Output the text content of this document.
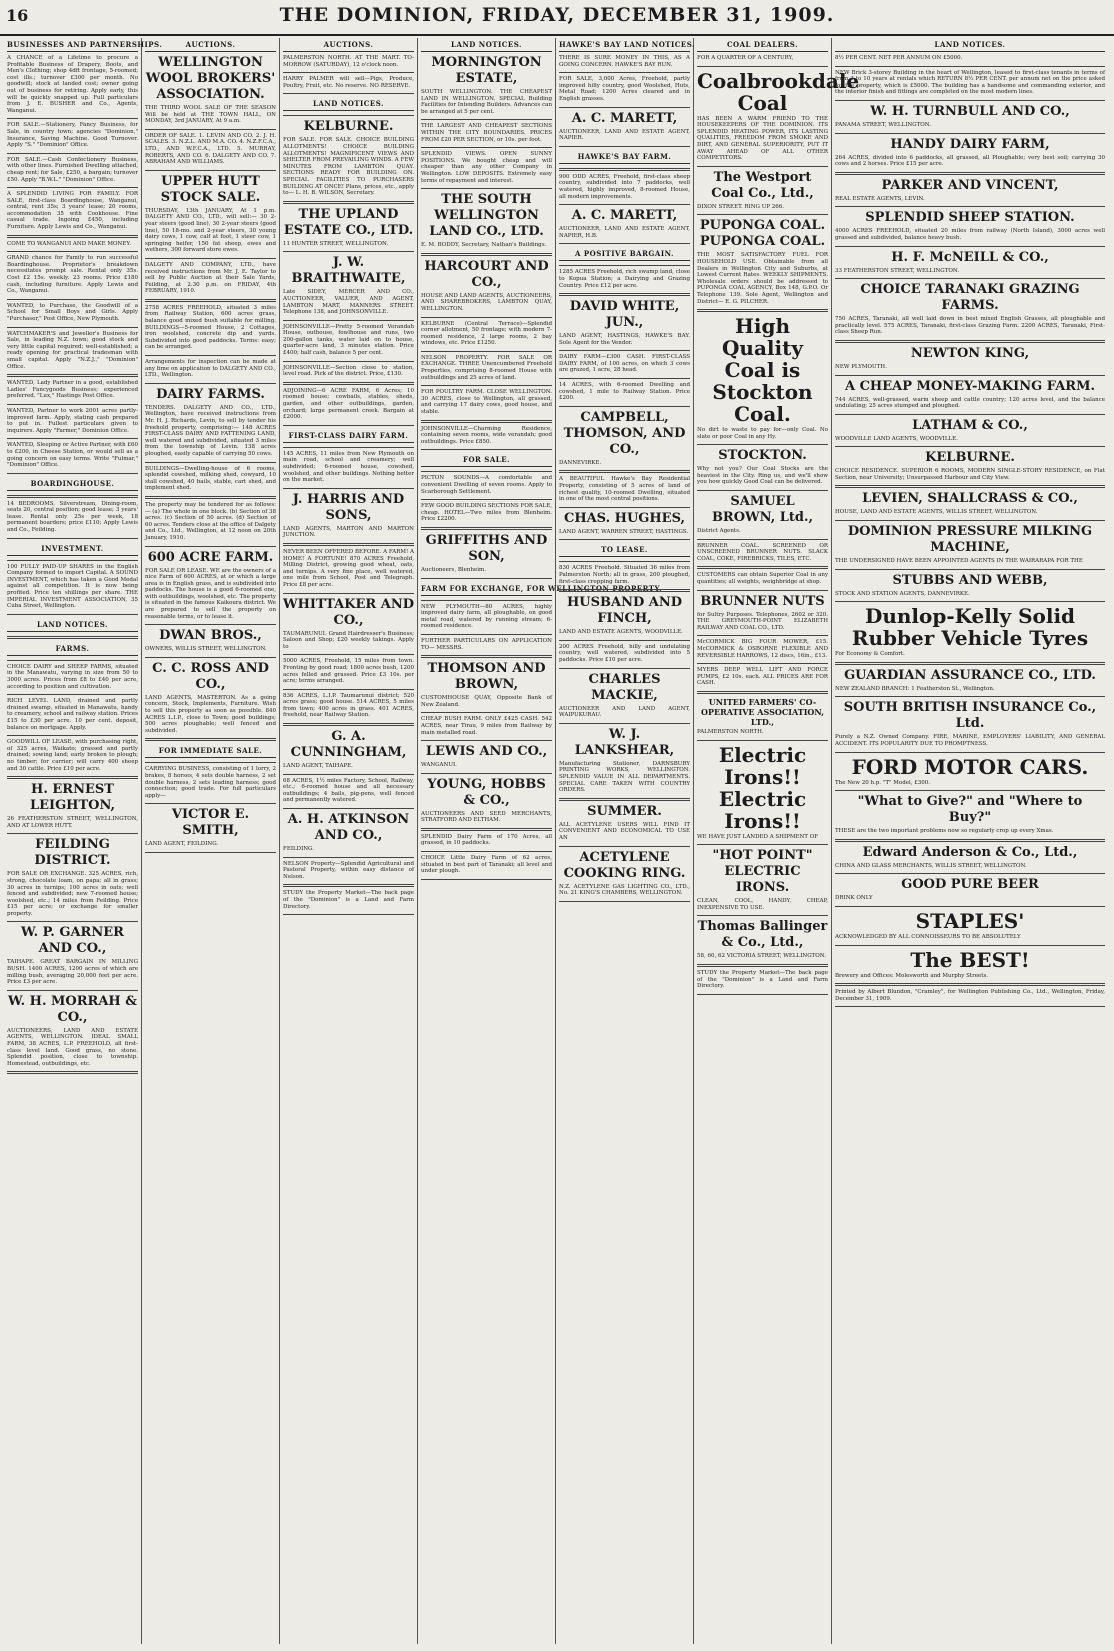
16	THE DOMINION, FRIDAY, DECEMBER 31, 1909.
BUSINESSES AND PARTNERSHIPS.
A CHANCE of a Lifetime to procure a Profitable Business of Drapery, Boots, and Men's Clothing; shop 4dft frontage, 5-roomed; cost ills.; turnover £300 per month. No goodwill; stock at landed cost; owner going out of business for retiring. Apply early, this will be quickly snapped up. Full particulars from J. E. BUSHER and Co., Agents, Wanganui.
FOR SALE.—Stationery, Fancy Business, for Sale, in country town; agencies "Dominion," Insurance, Saving Machine. Good Turnover. Apply "S." "Dominion" Office.
FOR SALE.—Cash Confectionery Business, with other lines. Furnished Dwelling attached, cheap rent; for Sale, £250, a bargain; turnover £50. Apply "B.W.L." "Dominion" Office.
A SPLENDID LIVING FOR FAMILY. FOR SALE, first-class Boardinghouse, Wanganui, central, rent 35s; 3 years' lease; 20 rooms, accommodation 35 with Cookhouse. Fine casual trade. Ingoing £450, including Furniture. Apply Lewis and Co., Wanganui.
COME TO WANGANUI AND MAKE MONEY.
GRAND chance for Family to run successful Boardinghouse. Proprietor's breakdown necessitates prompt sale. Rental only 35s. Cost £2 15s. weekly. 23 rooms. Price £180 cash, including furniture. Apply Lewis and Co., Wanganui.
WANTED, to Purchase, the Goodwill of a School for Small Boys and Girls. Apply "Purchaser," Post Office, New Plymouth.
WATCHMAKER'S and Jeweller's Business for Sale, in leading N.Z. town; good stock and very little capital required; well-established; a ready opening for practical tradesman with small capital. Apply "N.Z.J.," "Dominion" Office.
WANTED, Lady Partner in a good, established Ladies' Fancygoods Business; experienced preferred. "Lux," Hastings Post Office.
WANTED, Partner to work 2001 acres partly-improved farm. Apply, stating cash prepared to put in. Fullest particulars given to inquirers. Apply "Farmer," Dominion Office.
WANTED, Sleeping or Active Partner, with £60 to £200, in Cheese Station, or would sell as a going concern on easy terms. Write "Fulmar," "Dominion" Office.
BOARDINGHOUSE.
14 BEDROOMS, Silverstream, Dining-room, seats 20, central position; good lease; 3 years' lease. Rental only 25s per week, 18 permanent boarders; price £110; Apply Lewis and Co., Feilding.
INVESTMENT.
100 FULLY PAID-UP SHARES in the English Company formed to import Capital. A SOUND INVESTMENT, which has taken a Good Medal against all competition. It is now being profited. Price ten shillings per share. THE IMPERIAL INVESTMENT ASSOCIATION, 35 Cuba Street, Wellington.
LAND NOTICES.
FARMS.
CHOICE DAIRY and SHEEP FARMS, situated in the Manawatu, varying in size from 50 to 3000 acres. Prices from £8 to £40 per acre, according to position and cultivation.
RICH LEVEL LAND, drained and partly drained swamp, situated in Manawatu, handy to creamery, school and railway station. Prices £15 to £30 per acre. 10 per cent. deposit, balance on mortgage. Apply.
GOODWILL OF LEASE, with purchasing right, of 325 acres, Waikato; grassed and partly drained; sowing land; early broken to plough; no timber; for carrier; will carry 400 sheep and 30 cattle. Price £10 per acre.
H. ERNEST LEIGHTON,
26 FEATHERSTON STREET, WELLINGTON, AND AT LOWER HUTT.
FEILDING DISTRICT.
FOR SALE OR EXCHANGE. 325 ACRES, rich, strong, chocolate loam, on papa; all in grass; 30 acres in turnips; 100 acres in oats; well fenced and subdivided; new 7-roomed house; woolshed, etc.; 14 miles from Feilding. Price £15 per acre; or exchange for smaller property.
W. P. GARNER AND CO.,
TAIHAPE. GREAT BARGAIN IN MILLING BUSH. 1400 ACRES, 1200 acres of which are milling bush, averaging 20,000 feet per acre. Price £3 per acre.
W. H. MORRAH & CO.,
AUCTIONEERS, LAND AND ESTATE AGENTS, WELLINGTON. IDEAL SMALL FARM, 38 ACRES, L.P. FREEHOLD, all first-class level land. Good grass, no stone. Splendid position, close to township. Homestead, outbuildings, etc.
AUCTIONS.
WELLINGTON WOOL BROKERS' ASSOCIATION.
THE THIRD WOOL SALE OF THE SEASON Will be held at THE TOWN HALL, ON MONDAY, 3rd JANUARY, At 9 a.m.
ORDER OF SALE. 1. LEVIN AND CO. 2. J. H. SCALES. 3. N.Z.L. AND M.A. CO. 4. N.Z.F.C.A., LTD., AND W.F.C.A., LTD. 5. MURRAY, ROBERTS, AND CO. 6. DALGETY AND CO. 7. ABRAHAM AND WILLIAMS.
UPPER HUTT STOCK SALE.
THURSDAY, 13th JANUARY, At 1 p.m. DALGETY AND CO., LTD., will sell:— 30 2-year steers (good line), 30 2-year steers (good line), 50 18-mo. and 2-year steers, 30 young dairy cows, 1 cow, calf at foot, 1 steer cow, 1 springing heifer, 150 fat sheep, ewes and wethers, 300 forward store ewes.
DALGETY AND COMPANY, LTD., have received instructions from Mr. J. E. Taylor to sell by Public Auction at their Sale Yards, Feilding, at 2.30 p.m. on FRIDAY, 4th FEBRUARY, 1910.
2758 ACRES FREEHOLD, situated 3 miles from Railway Station, 600 acres grass, balance good mixed bush suitable for milling. BUILDINGS—5-roomed House, 2 Cottages, iron woolshed, concrete dip and yards. Subdivided into good paddocks. Terms: easy; can be arranged.
Arrangements for inspection can be made at any time on application to DALGETY AND CO., LTD., Wellington.
DAIRY FARMS.
TENDERS. DALGETY AND CO., LTD., Wellington, have received instructions from Mr. H. J. Richards, Levin, to sell by tender his freehold property, comprising:— 148 ACRES FIRST-CLASS DAIRY AND FATTENING LAND, well watered and subdivided, situated 3 miles from the township of Levin. 138 acres ploughed, easily capable of carrying 50 cows.
BUILDINGS—Dwelling-house of 6 rooms, splendid cowshed, milking shed, cowyard, 10 stall cowshed, 40 bails, stable, cart shed, and implement shed.
The property may be tendered for as follows:— (a) The whole in one block. (b) Section of 38 acres. (c) Section of 50 acres. (d) Section of 60 acres. Tenders close at the office of Dalgety and Co., Ltd., Wellington, at 12 noon on 20th January, 1910.
600 ACRE FARM.
FOR SALE OR LEASE. WE are the owners of a nice Farm of 600 ACRES, at or which a large area is in English grass, and is subdivided into paddocks. The house is a good 6-roomed one, with outbuildings, woolshed, etc. The property is situated in the famous Kaikoura district. We are prepared to sell the property on reasonable terms, or to lease it.
DWAN BROS.,
OWNERS, WILLIS STREET, WELLINGTON.
C. C. ROSS AND CO.,
LAND AGENTS, MASTERTON. As a going concern, Stock, Implements, Furniture. Wish to sell this property as soon as possible. 840 ACRES L.I.P., close to Town; good buildings; 500 acres ploughable; well fenced and subdivided.
FOR IMMEDIATE SALE.
CARRYING BUSINESS, consisting of 1 lorry, 2 brakes, 8 horses, 4 sets double harness, 2 set double harness, 2 sets leading harness; good connection; good trade. For full particulars apply—
VICTOR E. SMITH,
LAND AGENT, FEILDING.
AUCTIONS.
PALMERSTON NORTH. AT THE MART. TO-MORROW (SATURDAY), 12 o'clock noon.
HARRY PALMER will sell—Pigs, Produce, Poultry, Fruit, etc. No reserve. NO RESERVE.
LAND NOTICES.
KELBURNE.
FOR SALE. FOR SALE. CHOICE BUILDING ALLOTMENTS! CHOICE BUILDING ALLOTMENTS! MAGNIFICENT VIEWS AND SHELTER FROM PREVAILING WINDS. A FEW MINUTES FROM LAMBTON QUAY. SECTIONS READY FOR BUILDING ON. SPECIAL FACILITIES TO PURCHASERS BUILDING AT ONCE! Plans, prices, etc., apply to— L. H. B. WILSON, Secretary.
THE UPLAND ESTATE CO., LTD.
11 HUNTER STREET, WELLINGTON.
J. W. BRAITHWAITE,
Late SIDEY, MERCER AND CO., AUCTIONEER, VALUER, AND AGENT, LAMBTON MART, MANNERS STREET. Telephone 138, and JOHNSONVILLE.
JOHNSONVILLE—Pretty 5-roomed Verandah House, outhouse, fowlhouse and runs, two 200-gallon tanks, water laid on to house, quarter-acre land, 3 minutes station. Price £400; half cash, balance 5 per cent.
JOHNSONVILLE—Section close to station, level road. Pick of the district. Price, £130.
ADJOINING—6 ACRE FARM, 6 Acres; 10 roomed house; cowbails, stables, sheds, garden, and other outbuildings, garden, orchard; large permanent creek. Bargain at £2000.
FIRST-CLASS DAIRY FARM.
145 ACRES, 11 miles from New Plymouth on main road, school and creamery; well subdivided; 6-roomed house, cowshed, woolshed, and other buildings. Nothing better on the market.
J. HARRIS AND SONS,
LAND AGENTS, MARTON AND MARTON JUNCTION.
NEVER BEEN OFFERED BEFORE. A FARM! A HOME! A FORTUNE! 870 ACRES Freehold, Milling District, growing good wheat, oats, and turnips. A very fine place, well watered, one mile from School, Post and Telegraph. Price £8 per acre.
WHITTAKER AND CO.,
TAUMARUNUI. Grand Hairdresser's Business; Saloon and Shop; £20 weekly takings. Apply to
5000 ACRES, Freehold, 15 miles from town. Fronting by good road; 1800 acres bush, 1200 acres felled and grassed. Price £3 10s. per acre; terms arranged.
836 ACRES, L.I.P. Taumarunui district; 520 acres grass; good house. 514 ACRES, 5 miles from town; 400 acres in grass. 401 ACRES, freehold, near Railway Station.
G. A. CUNNINGHAM,
LAND AGENT, TAIHAPE.
68 ACRES, 1½ miles Factory, School, Railway, etc.; 6-roomed house and all necessary outbuildings; 4 bails, pig-pens, well fenced and permanently watered.
A. H. ATKINSON AND CO.,
FEILDING.
NELSON Property—Splendid Agricultural and Pastoral Property, within easy distance of Nelson.
STUDY the Property Market—The back page of the "Dominion" is a Land and Farm Directory.
LAND NOTICES.
MORNINGTON ESTATE,
SOUTH WELLINGTON. THE CHEAPEST LAND IN WELLINGTON. SPECIAL Building Facilities for Intending Builders. Advances can be arranged at 5 per cent.
THE LARGEST AND CHEAPEST SECTIONS WITHIN THE CITY BOUNDARIES. PRICES FROM £20 PER SECTION, or 10s. per foot.
SPLENDID VIEWS. OPEN SUNNY POSITIONS. We bought cheap and will cheaper than any other Company in Wellington. LOW DEPOSITS. Extremely easy terms of repayment and interest.
THE SOUTH WELLINGTON LAND CO., LTD.
E. M. BODDY, Secretary, Nathan's Buildings.
HARCOURT AND CO.,
HOUSE AND LAND AGENTS, AUCTIONEERS, AND SHAREBROKERS, LAMBTON QUAY, WELLINGTON.
KELBURNE (Central Terrace)—Splendid corner allotment, 50 frontage; with modern 7-roomed residence, 2 large rooms, 2 bay windows, etc. Price £1250.
NELSON PROPERTY. FOR SALE OR EXCHANGE. THREE Unencumbered Freehold Properties, comprising 8-roomed House with outbuildings and 25 acres of land.
FOR POULTRY FARM. CLOSE WELLINGTON. 30 ACRES, close to Wellington, all grassed, and carrying 17 dairy cows, good house, and stable.
JOHNSONVILLE—Charming Residence, containing seven rooms, wide verandah; good outbuildings. Price £850.
FOR SALE.
PICTON SOUNDS—A comfortable and convenient Dwelling of seven rooms. Apply to Scarborough Settlement.
FEW GOOD BUILDING SECTIONS FOR SALE, cheap. HOTEL—Two miles from Blenheim. Price £2200.
GRIFFITHS AND SON,
Auctioneers, Blenheim.
FARM FOR EXCHANGE, FOR WELLINGTON PROPERTY.
NEW PLYMOUTH—80 ACRES, highly improved dairy farm, all ploughable, on good metal road, watered by running stream; 6-roomed residence.
FURTHER PARTICULARS ON APPLICATION TO— MESSRS.
THOMSON AND BROWN,
CUSTOMHOUSE QUAY, Opposite Bank of New Zealand.
CHEAP BUSH FARM. ONLY £425 CASH. 542 ACRES, near Tirau, 9 miles from Railway by main metalled road.
LEWIS AND CO.,
WANGANUI.
YOUNG, HOBBS & CO.,
AUCTIONEERS AND SEED MERCHANTS, STRATFORD AND ELTHAM.
SPLENDID Dairy Farm of 170 Acres, all grassed, in 10 paddocks.
CHOICE Little Dairy Farm of 62 acres, situated in best part of Taranaki; all level and under plough.
HAWKE'S BAY LAND NOTICES.
THERE IS SURE MONEY IN THIS, AS A GOING CONCERN. HAWKE'S BAY RUN.
FOR SALE, 3,000 Acres, Freehold, partly improved hilly country, good Woolshed, Huts, Metal Road; 1200 Acres cleared and in English grasses.
A. C. MARETT,
AUCTIONEER, LAND AND ESTATE AGENT, NAPIER.
HAWKE'S BAY FARM.
900 ODD ACRES, Freehold, first-class sheep country, subdivided into 7 paddocks, well watered, highly improved, 8-roomed House, all modern improvements.
A. C. MARETT,
AUCTIONEER, LAND AND ESTATE AGENT, NAPIER, H.B.
A POSITIVE BARGAIN.
1285 ACRES Freehold, rich swamp land, close to Kopua Station; a Dairying and Grazing Country. Price £12 per acre.
DAVID WHITE, JUN.,
LAND AGENT, HASTINGS, HAWKE'S BAY. Sole Agent for the Vendor.
DAIRY FARM—£300 CASH. FIRST-CLASS DAIRY FARM, of 100 acres, on which 3 cows are grazed, 1 acre, 28 head.
14 ACRES, with 6-roomed Dwelling and cowshed, 1 mile to Railway Station. Price £200.
CAMPBELL, THOMSON, AND CO.,
DANNEVIRKE.
A BEAUTIFUL Hawke's Bay Residential Property, consisting of 5 acres of land of richest quality, 10-roomed Dwelling, situated in one of the most central positions.
CHAS. HUGHES,
LAND AGENT, WARREN STREET, HASTINGS.
TO LEASE.
830 ACRES Freehold. Situated 36 miles from Palmerston North; all in grass, 200 ploughed, first-class cropping farm.
HUSBAND AND FINCH,
LAND AND ESTATE AGENTS, WOODVILLE.
200 ACRES Freehold, hilly and undulating country, well watered, subdivided into 5 paddocks. Price £10 per acre.
CHARLES MACKIE,
AUCTIONEER AND LAND AGENT, WAIPUKURAU.
W. J. LANKSHEAR,
Manufacturing Stationer, DARNSBURY PRINTING WORKS, WELLINGTON. SPLENDID VALUE IN ALL DEPARTMENTS. SPECIAL CARE TAKEN WITH COUNTRY ORDERS.
SUMMER.
ALL ACETYLENE USERS WILL FIND IT CONVENIENT AND ECONOMICAL TO USE AN
ACETYLENE COOKING RING.
N.Z. ACETYLENE GAS LIGHTING CO., LTD., No. 21 KING'S CHAMBERS, WELLINGTON.
COAL DEALERS.
FOR A QUARTER OF A CENTURY,
Coalbrookdale Coal
HAS BEEN A WARM FRIEND TO THE HOUSEKEEPERS OF THE DOMINION. ITS SPLENDID HEATING POWER, ITS LASTING QUALITIES, FREEDOM FROM SMOKE AND DIRT, AND GENERAL SUPERIORITY, PUT IT AWAY AHEAD OF ALL OTHER COMPETITORS.
The Westport Coal Co., Ltd.,
DIXON STREET. RING UP 266.
PUPONGA COAL. PUPONGA COAL.
THE MOST SATISFACTORY FUEL FOR HOUSEHOLD USE. Obtainable from all Dealers in Wellington City and Suburbs, at Lowest Current Rates. WEEKLY SHIPMENTS. Wholesale orders should be addressed to PUPONGA COAL AGENCY, Box 148, G.P.O. Or Telephone 139. Sole Agent, Wellington and District— E. G. PILCHER.
High Quality Coal is Stockton Coal.
No dirt to waste to pay for—only Coal. No slate or poor Coal in any Hy.
STOCKTON.
Why not you? Our Coal Stocks are the heaviest in the City. Ring us, and we'll show you how quickly Good Coal can be delivered.
SAMUEL BROWN, Ltd.,
District Agents.
BRUNNER COAL. SCREENED OR UNSCREENED BRUNNER NUTS. SLACK COAL, COKE, FIREBRICKS, TILES, ETC.
CUSTOMERS can obtain Superior Coal in any quantities; all weights, weighbridge at shop.
BRUNNER NUTS
for Sultry Purposes. Telephones, 2602 or 320. THE GREYMOUTH-POINT ELIZABETH RAILWAY AND COAL CO., LTD.
McCORMICK BIG FOUR MOWER, £15. McCORMICK & OSBORNE FLEXIBLE AND REVERSIBLE HARROWS, 12 discs, 16in., £13.
MYERS DEEP WELL LIFT AND FORCE PUMPS, £2 10s. each. ALL PRICES ARE FOR CASH.
UNITED FARMERS' CO-OPERATIVE ASSOCIATION, LTD.,
PALMERSTON NORTH.
Electric Irons!! Electric Irons!!
WE HAVE JUST LANDED A SHIPMENT OF
"HOT POINT" ELECTRIC IRONS.
CLEAN, COOL, HANDY, CHEAP, INEXPENSIVE TO USE.
Thomas Ballinger & Co., Ltd.,
58, 60, 62 VICTORIA STREET, WELLINGTON.
STUDY the Property Market—The back page of the "Dominion" is a Land and Farm Directory.
LAND NOTICES.
8½ PER CENT. NET PER ANNUM ON £5000.
NEW Brick 3-storey Building in the heart of Wellington, leased to first-class tenants in terms of from 3 to 10 years at rentals which RETURN 8½ PER CENT. per annum net on the price asked for the property, which is £5000. The building has a handsome and commanding exterior, and the interior finish and fittings are completed on the most modern lines.
W. H. TURNBULL AND CO.,
PANAMA STREET, WELLINGTON.
HANDY DAIRY FARM,
264 ACRES, divided into 6 paddocks, all grassed, all Ploughable; very best soil; carrying 30 cows and 2 horses. Price £15 per acre.
PARKER AND VINCENT,
REAL ESTATE AGENTS, LEVIN.
SPLENDID SHEEP STATION.
4000 ACRES FREEHOLD, situated 20 miles from railway (North Island), 3000 acres well grassed and subdivided, balance heavy bush.
H. F. McNEILL & CO.,
33 FEATHERSTON STREET, WELLINGTON.
CHOICE TARANAKI GRAZING FARMS.
750 ACRES, Taranaki, all well laid down in best mixed English Grasses, all ploughable and practically level. 575 ACRES, Taranaki, first-class Grazing Farm. 2200 ACRES, Taranaki, First-class Sheep Run.
NEWTON KING,
NEW PLYMOUTH.
A CHEAP MONEY-MAKING FARM.
744 ACRES, well-grassed, warm sheep and cattle country; 120 acres level, and the balance undulating; 25 acres stumped and ploughed.
LATHAM & CO.,
WOODVILLE LAND AGENTS, WOODVILLE.
KELBURNE.
CHOICE RESIDENCE. SUPERIOR 6 ROOMS, MODERN SINGLE-STORY RESIDENCE, on Flat Section, near University; Unsurpassed Harbour and City View.
LEVIEN, SHALLCRASS & CO.,
HOUSE, LAND AND ESTATE AGENTS, WILLIS STREET, WELLINGTON.
DOMINION PRESSURE MILKING MACHINE,
THE UNDERSIGNED HAVE BEEN APPOINTED AGENTS IN THE WAIRARAPA FOR THE
STUBBS AND WEBB,
STOCK AND STATION AGENTS, DANNEVIRKE.
Dunlop-Kelly Solid Rubber Vehicle Tyres
For Economy & Comfort.
GUARDIAN ASSURANCE CO., LTD.
NEW ZEALAND BRANCH: 1 Featherston St., Wellington.
SOUTH BRITISH INSURANCE Co., Ltd.
Purely a N.Z. Owned Company. FIRE, MARINE, EMPLOYERS' LIABILITY, AND GENERAL ACCIDENT. ITS POPULARITY DUE TO PROMPTNESS.
FORD MOTOR CARS.
The New 20 h.p. "T" Model, £300.
"What to Give?" and "Where to Buy?"
THESE are the two important problems now so regularly crop up every Xmas.
Edward Anderson & Co., Ltd.,
CHINA AND GLASS MERCHANTS, WILLIS STREET, WELLINGTON.
GOOD PURE BEER
DRINK ONLY
STAPLES'
ACKNOWLEDGED BY ALL CONNOISSEURS TO BE ABSOLUTELY
The BEST!
Brewery and Offices: Molesworth and Murphy Streets.
Printed by Albert Blundon, "Cramley", for Wellington Publishing Co., Ltd., Wellington, Friday, December 31, 1909.
